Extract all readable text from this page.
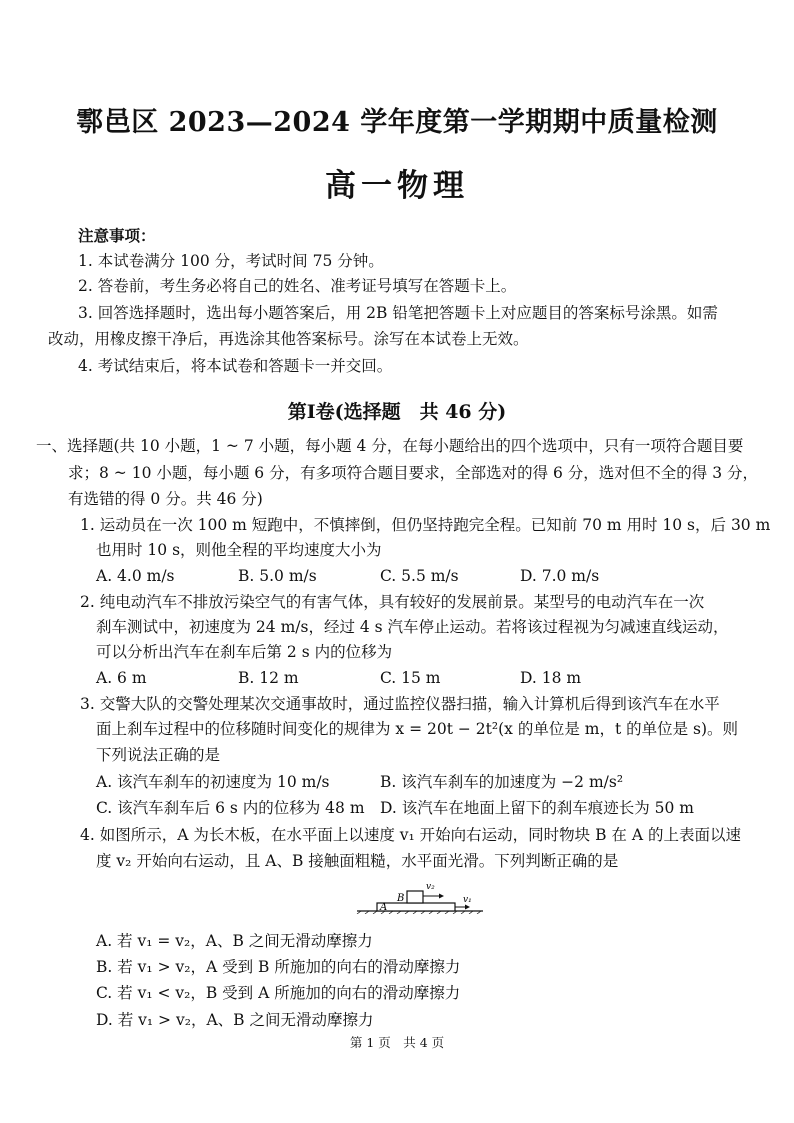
鄠邑区 2023—2024 学年度第一学期期中质量检测
高一物理
注意事项：
1. 本试卷满分 100 分，考试时间 75 分钟。
2. 答卷前，考生务必将自己的姓名、准考证号填写在答题卡上。
3. 回答选择题时，选出每小题答案后，用 2B 铅笔把答题卡上对应题目的答案标号涂黑。如需
改动，用橡皮擦干净后，再选涂其他答案标号。涂写在本试卷上无效。
4. 考试结束后，将本试卷和答题卡一并交回。
第Ⅰ卷(选择题　共 46 分)
一、选择题(共 10 小题，1 ~ 7 小题，每小题 4 分，在每小题给出的四个选项中，只有一项符合题目要
求；8 ~ 10 小题，每小题 6 分，有多项符合题目要求，全部选对的得 6 分，选对但不全的得 3 分，
有选错的得 0 分。共 46 分)
1. 运动员在一次 100 m 短跑中，不慎摔倒，但仍坚持跑完全程。已知前 70 m 用时 10 s，后 30 m
也用时 10 s，则他全程的平均速度大小为
A. 4.0 m/s	B. 5.0 m/s	C. 5.5 m/s	D. 7.0 m/s
2. 纯电动汽车不排放污染空气的有害气体，具有较好的发展前景。某型号的电动汽车在一次
刹车测试中，初速度为 24 m/s，经过 4 s 汽车停止运动。若将该过程视为匀减速直线运动，
可以分析出汽车在刹车后第 2 s 内的位移为
A. 6 m	B. 12 m	C. 15 m	D. 18 m
3. 交警大队的交警处理某次交通事故时，通过监控仪器扫描，输入计算机后得到该汽车在水平
面上刹车过程中的位移随时间变化的规律为 x = 20t − 2t²(x 的单位是 m，t 的单位是 s)。则
下列说法正确的是
A. 该汽车刹车的初速度为 10 m/s	B. 该汽车刹车的加速度为 −2 m/s²
C. 该汽车刹车后 6 s 内的位移为 48 m D. 该汽车在地面上留下的刹车痕迹长为 50 m
4. 如图所示，A 为长木板，在水平面上以速度 v₁ 开始向右运动，同时物块 B 在 A 的上表面以速
度 v₂ 开始向右运动，且 A、B 接触面粗糙，水平面光滑。下列判断正确的是
A
B
v₂
v₁
A. 若 v₁ = v₂，A、B 之间无滑动摩擦力
B. 若 v₁ > v₂，A 受到 B 所施加的向右的滑动摩擦力
C. 若 v₁ < v₂，B 受到 A 所施加的向右的滑动摩擦力
D. 若 v₁ > v₂，A、B 之间无滑动摩擦力
第 1 页　共 4 页
